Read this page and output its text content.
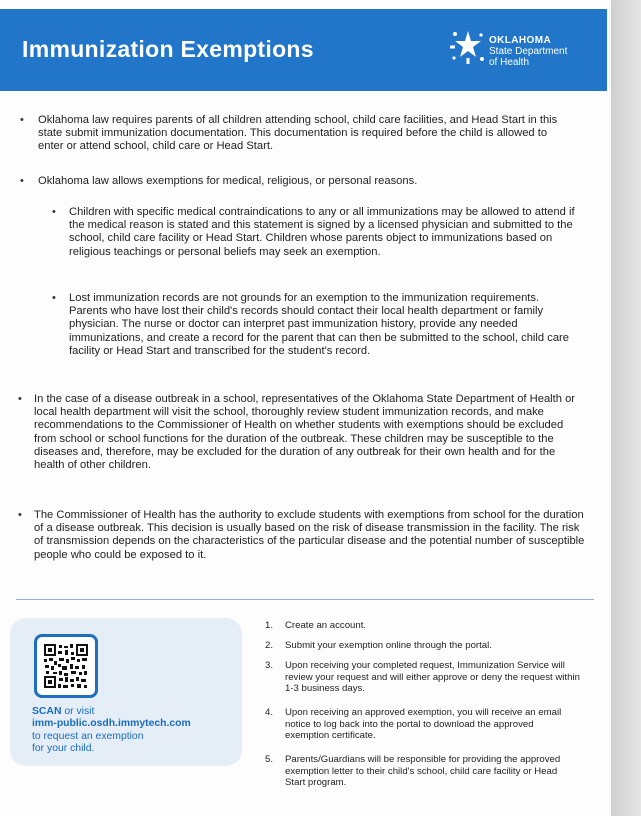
Immunization Exemptions	OKLAHOMA
State Department
of Health
• Oklahoma law requires parents of all children attending school, child care facilities, and Head Start in this state submit immunization documentation. This documentation is required before the child is allowed to enter or attend school, child care or Head Start.
• Oklahoma law allows exemptions for medical, religious, or personal reasons.
• Children with specific medical contraindications to any or all immunizations may be allowed to attend if the medical reason is stated and this statement is signed by a licensed physician and submitted to the school, child care facility or Head Start. Children whose parents object to immunizations based on religious teachings or personal beliefs may seek an exemption.
• Lost immunization records are not grounds for an exemption to the immunization requirements. Parents who have lost their child's records should contact their local health department or family physician. The nurse or doctor can interpret past immunization history, provide any needed immunizations, and create a record for the parent that can then be submitted to the school, child care facility or Head Start and transcribed for the student's record.
• In the case of a disease outbreak in a school, representatives of the Oklahoma State Department of Health or local health department will visit the school, thoroughly review student immunization records, and make recommendations to the Commissioner of Health on whether students with exemptions should be excluded from school or school functions for the duration of the outbreak. These children may be susceptible to the diseases and, therefore, may be excluded for the duration of any outbreak for their own health and for the health of other children.
• The Commissioner of Health has the authority to exclude students with exemptions from school for the duration of a disease outbreak. This decision is usually based on the risk of disease transmission in the facility. The risk of transmission depends on the characteristics of the particular disease and the potential number of susceptible people who could be exposed to it.
SCAN or visit
imm-public.osdh.immytech.com
to request an exemption
for your child.
1. Create an account.
2. Submit your exemption online through the portal.
3. Upon receiving your completed request, Immunization Service will review your request and will either approve or deny the request within 1-3 business days.
4. Upon receiving an approved exemption, you will receive an email notice to log back into the portal to download the approved exemption certificate.
5. Parents/Guardians will be responsible for providing the approved exemption letter to their child's school, child care facility or Head Start program.
